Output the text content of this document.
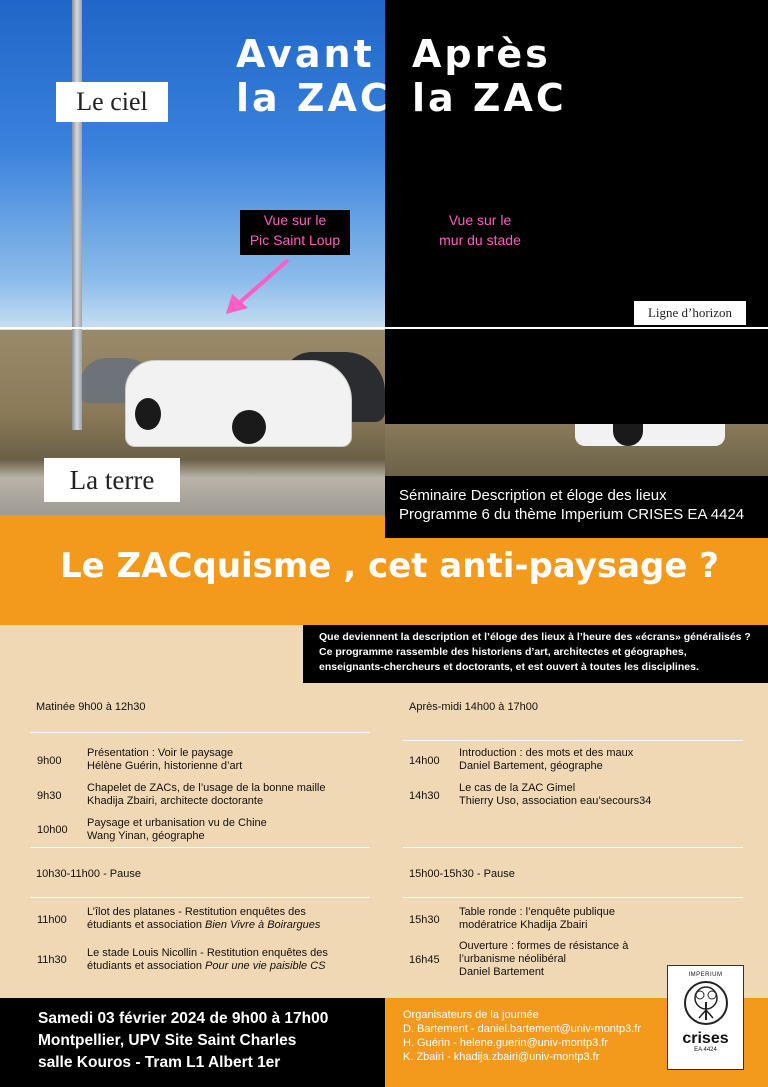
Avant
la ZAC
Après
la ZAC
Le ciel
La terre
Ligne d’horizon
Vue sur le
Pic Saint Loup
Vue sur le
mur du stade
Séminaire Description et éloge des lieux
Programme 6 du thème Imperium CRISES EA 4424
Le ZACquisme , cet anti-paysage ?
Que deviennent la description et l’éloge des lieux à l’heure des «écrans» généralisés ?
Ce programme rassemble des historiens d’art, architectes et géographes,
enseignants-chercheurs et doctorants, et est ouvert à toutes les disciplines.
Matinée 9h00 à 12h30
9h00
Présentation : Voir le paysage
Hélène Guérin, historienne d’art
9h30
Chapelet de ZACs, de l’usage de la bonne maille
Khadija Zbairi, architecte doctorante
10h00
Paysage et urbanisation vu de Chine
Wang Yinan, géographe
10h30-11h00 - Pause
11h00
L’îlot des platanes - Restitution enquêtes des
étudiants et association Bien Vivre à Boirargues
11h30
Le stade Louis Nicollin - Restitution enquêtes des
étudiants et association Pour une vie paisible CS
Après-midi 14h00 à 17h00
14h00
Introduction : des mots et des maux
Daniel Bartement, géographe
14h30
Le cas de la ZAC Gimel
Thierry Uso, association eau’secours34
15h00-15h30 - Pause
15h30
Table ronde : l’enquête publique
modératrice Khadija Zbairi
16h45
Ouverture : formes de résistance à
l’urbanisme néolibéral
Daniel Bartement
Samedi 03 février 2024 de 9h00 à 17h00
Montpellier, UPV Site Saint Charles
salle Kouros - Tram L1 Albert 1er
Organisateurs de la journée
D. Bartement - daniel.bartement@univ-montp3.fr
H. Guérin - helene.guerin@univ-montp3.fr
K. Zbairi - khadija.zbairi@univ-montp3.fr
IMPERIUM
crises
EA 4424
